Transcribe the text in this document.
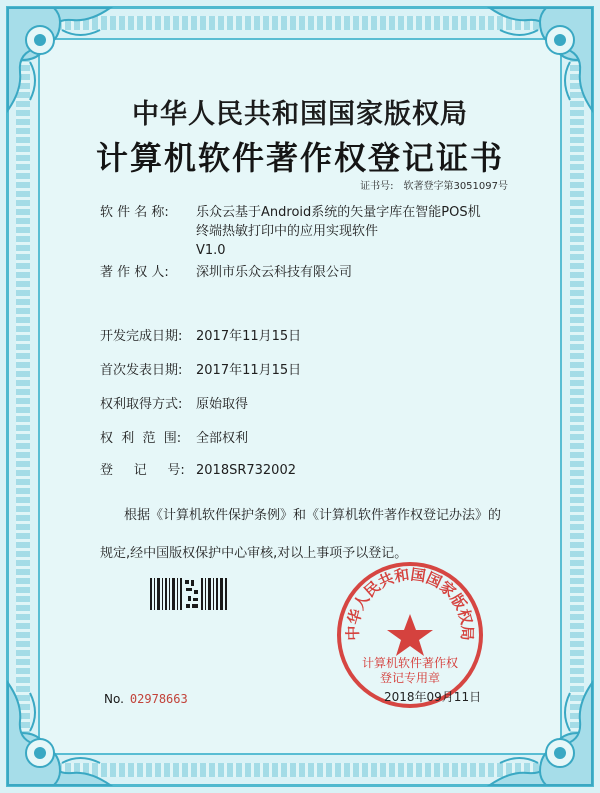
中华人民共和国国家版权局
计算机软件著作权登记证书
证书号: 软著登字第3051097号
软 件 名 称:	乐众云基于Android系统的矢量字库在智能POS机
终端热敏打印中的应用实现软件
V1.0
著 作 权 人:	深圳市乐众云科技有限公司
开发完成日期:	2017年11月15日
首次发表日期:	2017年11月15日
权利取得方式:	原始取得
权  利  范  围:	全部权利
登     记     号: 2018SR732002

根据《计算机软件保护条例》和《计算机软件著作权登记办法》的

规定,经中国版权保护中心审核,对以上事项予以登记。

No. 02978663
中华人民共和国国家版权局
计算机软件著作权
登记专用章
2018年09月11日
